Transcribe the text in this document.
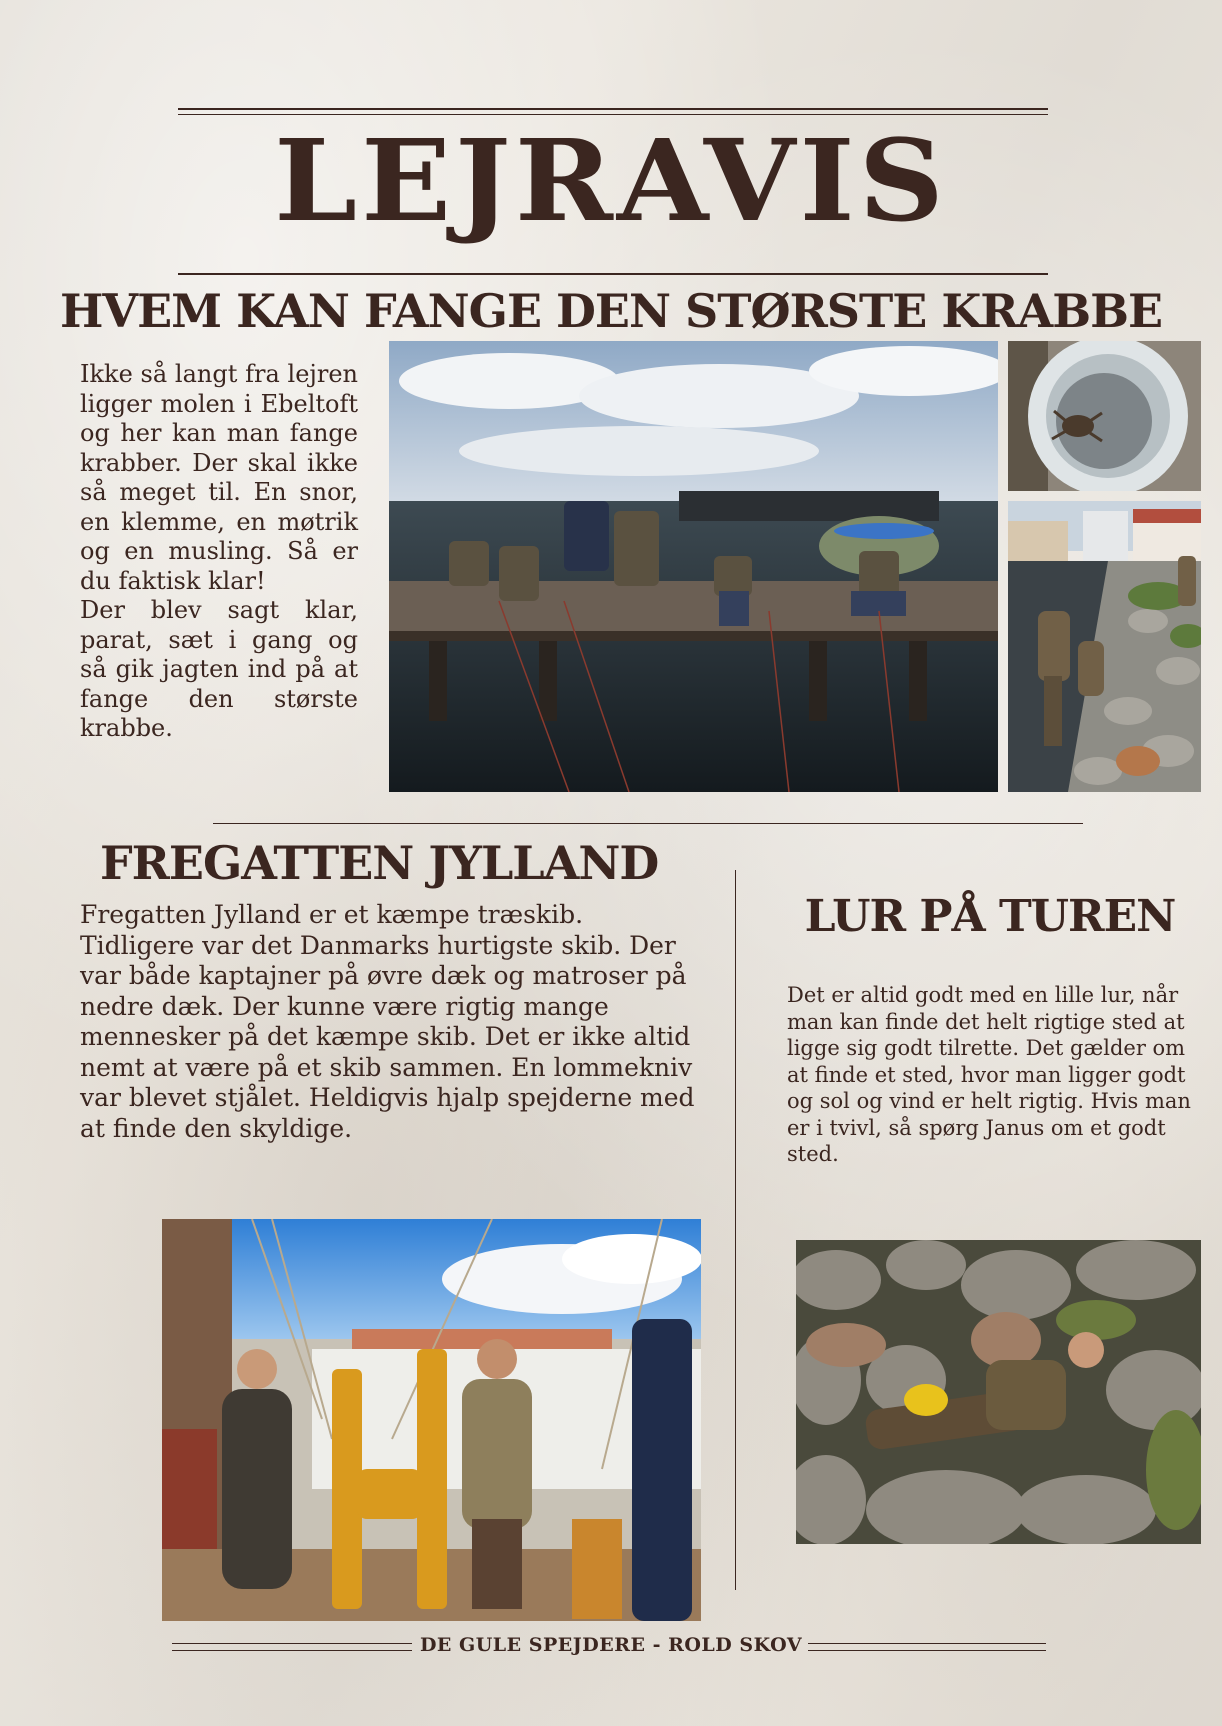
LEJRAVIS
HVEM KAN FANGE DEN STØRSTE KRABBE

Ikke så langt fra lejren ligger molen i Ebeltoft og her kan man fange krabber. Der skal ikke så meget til. En snor, en klemme, en møtrik og en musling. Så er du faktisk klar!

Der blev sagt klar, parat, sæt i gang og så gik jagten ind på at fange den største krabbe.

FREGATTEN JYLLAND
Fregatten Jylland er et kæmpe træskib. Tidligere var det Danmarks hurtigste skib. Der var både kaptajner på øvre dæk og matroser på nedre dæk. Der kunne være rigtig mange mennesker på det kæmpe skib. Det er ikke altid nemt at være på et skib sammen. En lommekniv var blevet stjålet. Heldigvis hjalp spejderne med at finde den skyldige.
LUR PÅ TUREN
Det er altid godt med en lille lur, når man kan finde det helt rigtige sted at ligge sig godt tilrette. Det gælder om at finde et sted, hvor man ligger godt og sol og vind er helt rigtig. Hvis man er i tvivl, så spørg Janus om et godt sted.
DE GULE SPEJDERE - ROLD SKOV
